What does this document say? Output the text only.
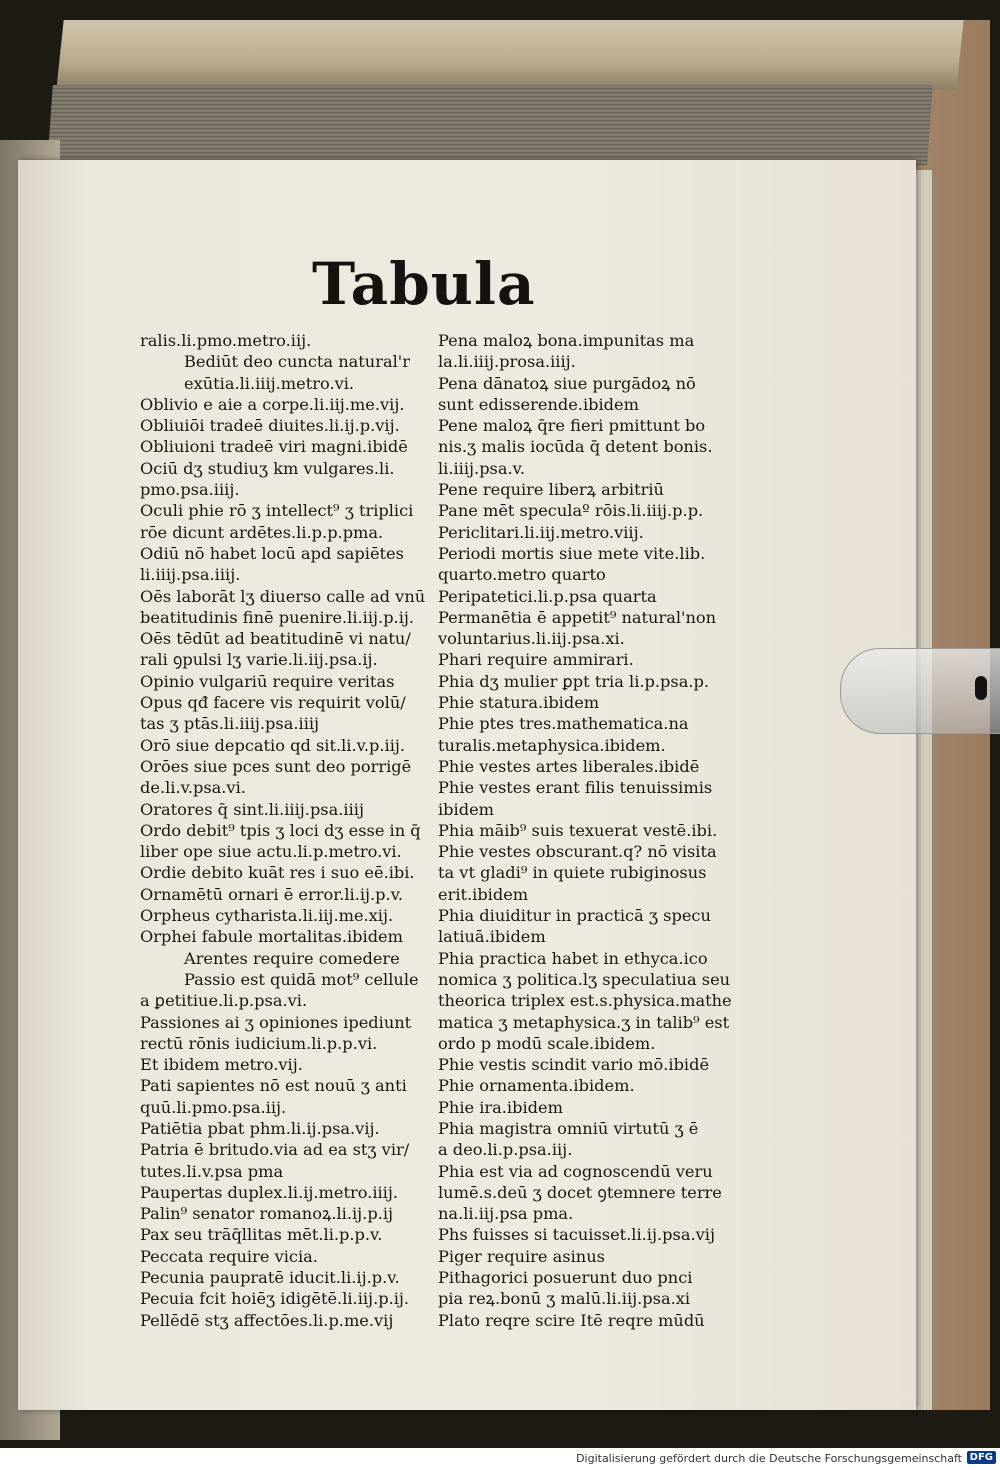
Tabula
ralis.li.pmo.metro.iij.
Bediūt deo cuncta natural'r
exūtia.li.iiij.metro.vi.
Oblivio e aie a corpe.li.iij.me.vij.
Obliuiōi tradeē diuites.li.ij.p.vij.
Obliuioni tradeē viri magni.ibidē
Ociū dʒ studiuʒ km vulgares.li.
pmo.psa.iiij.
Oculi phie rō ʒ intellect⁹ ʒ triplici
rōe dicunt ardētes.li.p.p.pma.
Odiū nō habet locū apd sapiētes
li.iiij.psa.iiij.
Oēs laborāt lʒ diuerso calle ad vnū
beatitudinis finē puenire.li.iij.p.ij.
Oēs tēdūt ad beatitudinē vi natu/
rali ꝯpulsi lʒ varie.li.iij.psa.ij.
Opinio vulgariū require veritas
Opus qđ facere vis requirit volū/
tas ʒ ptās.li.iiij.psa.iiij
Orō siue depcatio qd sit.li.v.p.iij.
Orōes siue pces sunt deo porrigē
de.li.v.psa.vi.
Oratores q̄ sint.li.iiij.psa.iiij
Ordo debit⁹ tpis ʒ loci dʒ esse in q̄
liber ope siue actu.li.p.metro.vi.
Ordie debito kuāt res i suo eē.ibi.
Ornamētū ornari ē error.li.ij.p.v.
Orpheus cytharista.li.iij.me.xij.
Orphei fabule mortalitas.ibidem
Arentes require comedere
Passio est quidā mot⁹ cellule
a ꝑetitiue.li.p.psa.vi.
Passiones ai ʒ opiniones ipediunt
rectū rōnis iudicium.li.p.p.vi.
Et ibidem metro.vij.
Pati sapientes nō est nouū ʒ anti
quū.li.pmo.psa.iij.
Patiētia pbat phm.li.ij.psa.vij.
Patria ē britudo.via ad ea stʒ vir/
tutes.li.v.psa pma
Paupertas duplex.li.ij.metro.iiij.
Palin⁹ senator romanoꝝ.li.ij.p.ij
Pax seu trāq̄llitas mēt.li.p.p.v.
Peccata require vicia.
Pecunia paupratē iducit.li.ij.p.v.
Pecuia fcit hoiēʒ idigētē.li.iij.p.ij.
Pellēdē stʒ affectōes.li.p.me.vij
Pena maloꝝ bona.impunitas ma
la.li.iiij.prosa.iiij.
Pena dānatoꝝ siue purgādoꝝ nō
sunt edisserende.ibidem
Pene maloꝝ q̄re fieri pmittunt bo
nis.ʒ malis iocūda q̄ detent bonis.
li.iiij.psa.v.
Pene require liberꝝ arbitriū
Pane mēt speculaº rōis.li.iiij.p.p.
Periclitari.li.iij.metro.viij.
Periodi mortis siue mete vite.lib.
quarto.metro quarto
Peripatetici.li.p.psa quarta
Permanētia ē appetit⁹ natural'non
voluntarius.li.iij.psa.xi.
Phari require ammirari.
Phia dʒ mulier ꝑpt tria li.p.psa.p.
Phie statura.ibidem
Phie ptes tres.mathematica.na
turalis.metaphysica.ibidem.
Phie vestes artes liberales.ibidē
Phie vestes erant filis tenuissimis
ibidem
Phia māib⁹ suis texuerat vestē.ibi.
Phie vestes obscurant.q? nō visita
ta vt gladi⁹ in quiete rubiginosus
erit.ibidem
Phia diuiditur in practicā ʒ specu
latiuā.ibidem
Phia practica habet in ethyca.ico
nomica ʒ politica.lʒ speculatiua seu
theorica triplex est.s.physica.mathe
matica ʒ metaphysica.ʒ in talib⁹ est
ordo p modū scale.ibidem.
Phie vestis scindit vario mō.ibidē
Phie ornamenta.ibidem.
Phie ira.ibidem
Phia magistra omniū virtutū ʒ ē
a deo.li.p.psa.iij.
Phia est via ad cognoscendū veru
lumē.s.deū ʒ docet ꝯtemnere terre
na.li.iij.psa pma.
Phs fuisses si tacuisset.li.ij.psa.vij
Piger require asinus
Pithagorici posuerunt duo pnci
pia reꝝ.bonū ʒ malū.li.iij.psa.xi
Plato reqre scire Itē reqre mūdū
Digitalisierung gefördert durch die Deutsche Forschungsgemeinschaft DFG
